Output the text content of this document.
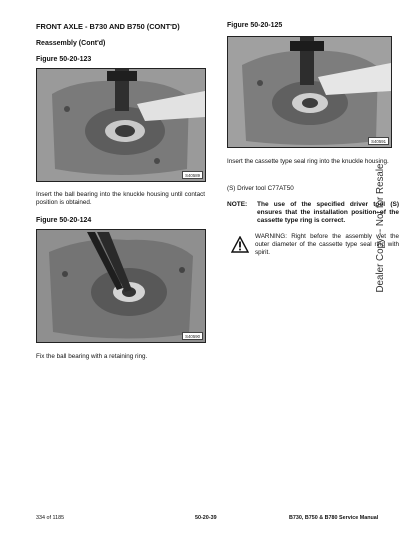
FRONT AXLE - B730 AND B750 (CONT'D)
Reassembly (Cont'd)
Figure 50-20-123
S40589
Insert the ball bearing into the knuckle housing until contact position is obtained.
Figure 50-20-124
S40590
Fix the ball bearing with a retaining ring.
Figure 50-20-125
S40591
Insert the cassette type seal ring into the knuckle housing.
(S) Driver tool C77AT50
NOTE: The use of the specified driver tool (S) ensures that the installation position of the cassette type ring is correct.
WARNING: Right before the assembly wet the outer diameter of the cassette type seal ring with spirit.	Dealer Copy -- Not for Resale
334 of 1185	50-20-39	B730, B750 & B780 Service Manual
